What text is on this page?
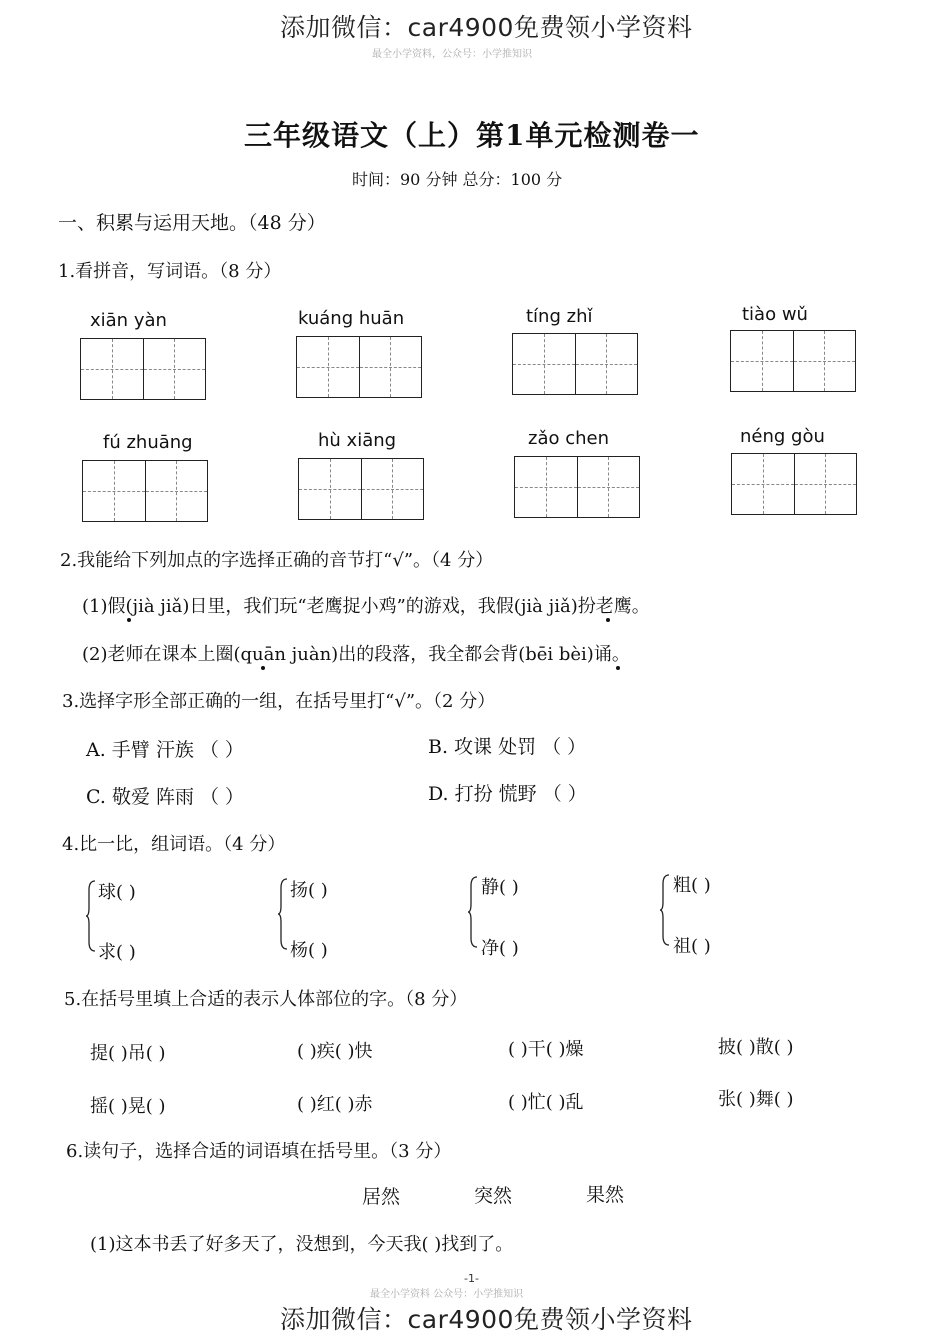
添加微信：car4900免费领小学资料
最全小学资料，公众号：小学推知识
三年级语文（上）第1单元检测卷一
时间：90 分钟 总分：100 分
一、积累与运用天地。（48 分）
1.看拼音，写词语。（8 分）
xiān yàn	kuáng huān	tíng zhǐ	tiào wǔ
fú zhuāng	hù xiāng	zǎo chen	néng gòu
2.我能给下列加点的字选择正确的音节打“√”。（4 分）
(1)假(jià jiǎ)日里，我们玩“老鹰捉小鸡”的游戏，我假(jià jiǎ)扮老鹰。
(2)老师在课本上圈(quān juàn)出的段落，我全都会背(bēi bèi)诵。
3.选择字形全部正确的一组，在括号里打“√”。（2 分）
A. 手臂 汗族 （ ）	B. 攻课 处罚 （ ）
C. 敬爱 阵雨 （ ）	D. 打扮 慌野 （ ）
4.比一比，组词语。（4 分）
球( )
求( )
扬( )
杨( )
静( )
净( )
粗( )
祖( )
5.在括号里填上合适的表示人体部位的字。（8 分）
提( )吊( )	( )疾( )快	( )干( )燥	披( )散( )
摇( )晃( )	( )红( )赤	( )忙( )乱	张( )舞( )
6.读句子，选择合适的词语填在括号里。（3 分）
居然	突然	果然
(1)这本书丢了好多天了，没想到，今天我( )找到了。
-1-
最全小学资料 公众号：小学推知识
添加微信：car4900免费领小学资料
